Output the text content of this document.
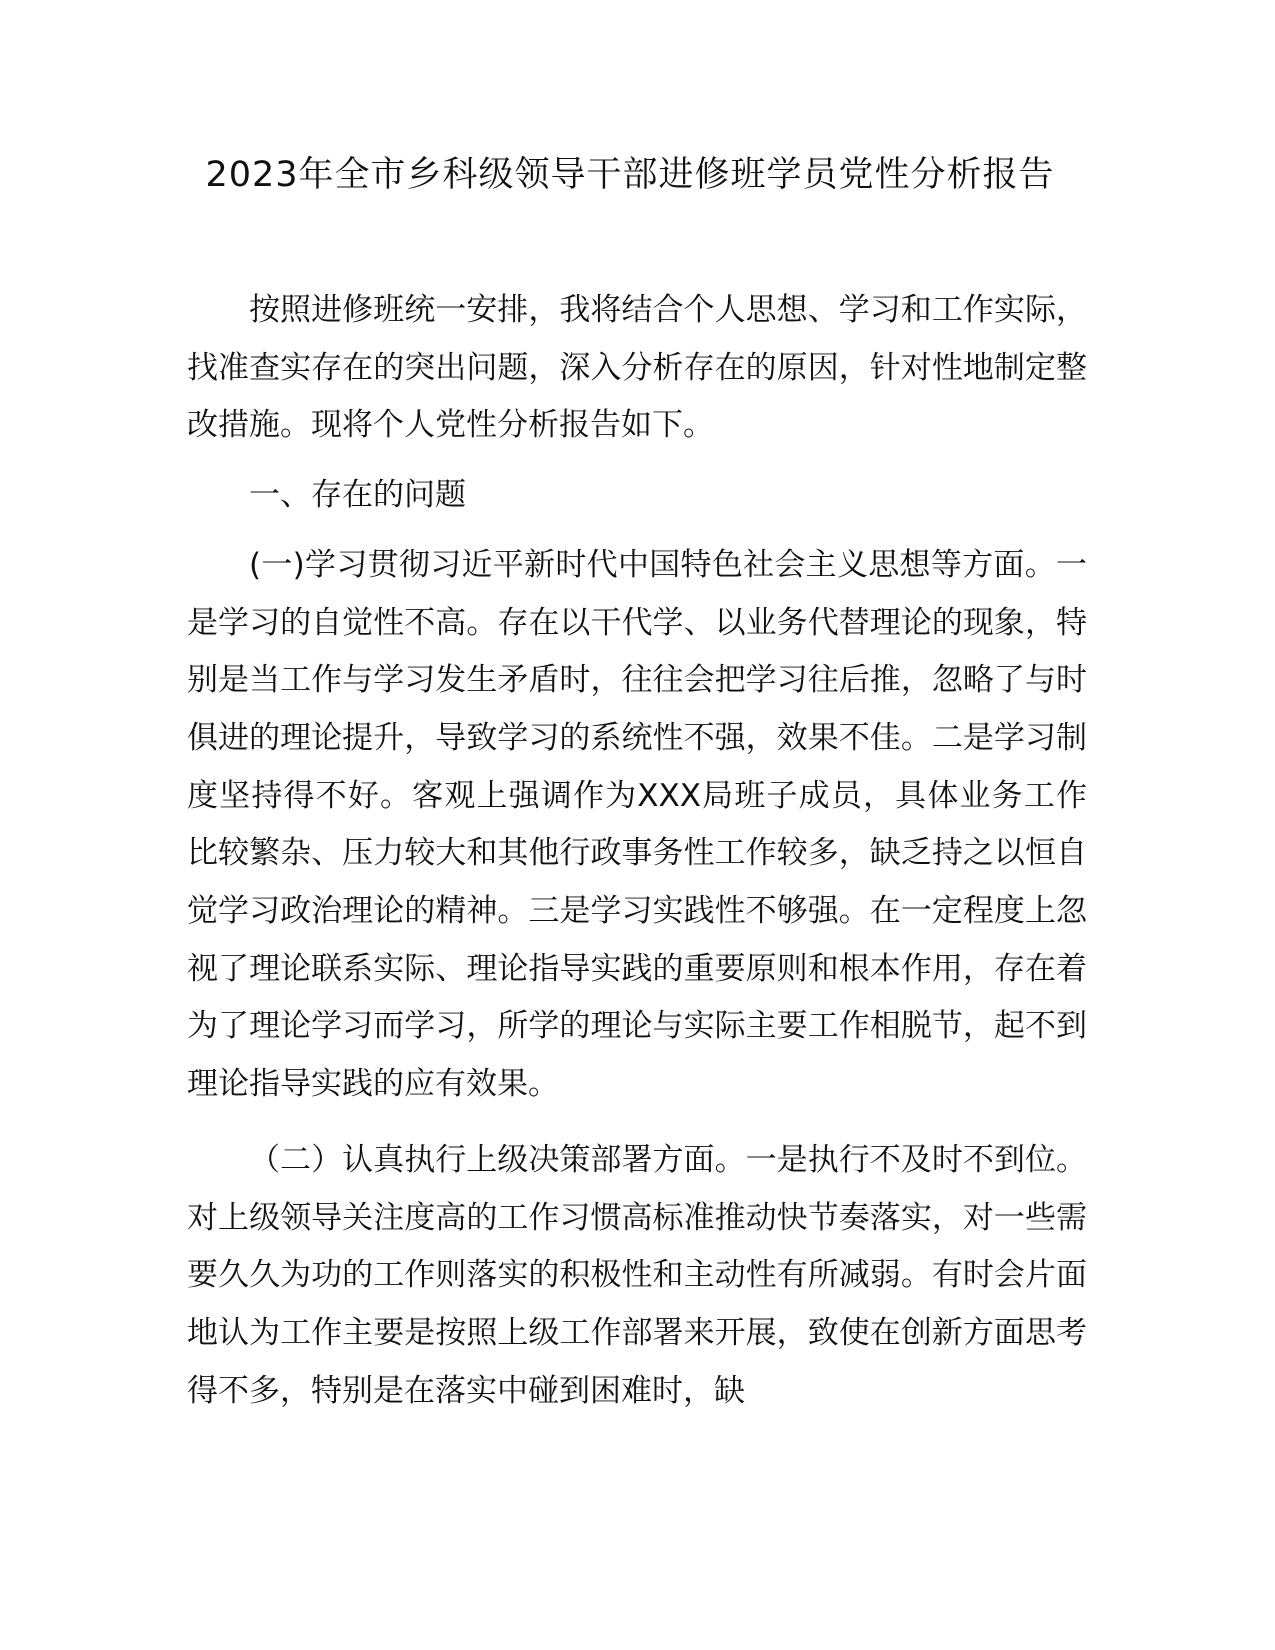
2023年全市乡科级领导干部进修班学员党性分析报告

按照进修班统一安排，我将结合个人思想、学习和工作实际，找准查实存在的突出问题，深入分析存在的原因，针对性地制定整改措施。现将个人党性分析报告如下。

一、存在的问题

(一)学习贯彻习近平新时代中国特色社会主义思想等方面。一是学习的自觉性不高。存在以干代学、以业务代替理论的现象，特别是当工作与学习发生矛盾时，往往会把学习往后推，忽略了与时俱进的理论提升，导致学习的系统性不强，效果不佳。二是学习制度坚持得不好。客观上强调作为XXX局班子成员，具体业务工作比较繁杂、压力较大和其他行政事务性工作较多，缺乏持之以恒自觉学习政治理论的精神。三是学习实践性不够强。在一定程度上忽视了理论联系实际、理论指导实践的重要原则和根本作用，存在着为了理论学习而学习，所学的理论与实际主要工作相脱节，起不到理论指导实践的应有效果。

（二）认真执行上级决策部署方面。一是执行不及时不到位。对上级领导关注度高的工作习惯高标准推动快节奏落实，对一些需要久久为功的工作则落实的积极性和主动性有所减弱。有时会片面地认为工作主要是按照上级工作部署来开展，致使在创新方面思考得不多，特别是在落实中碰到困难时，缺
